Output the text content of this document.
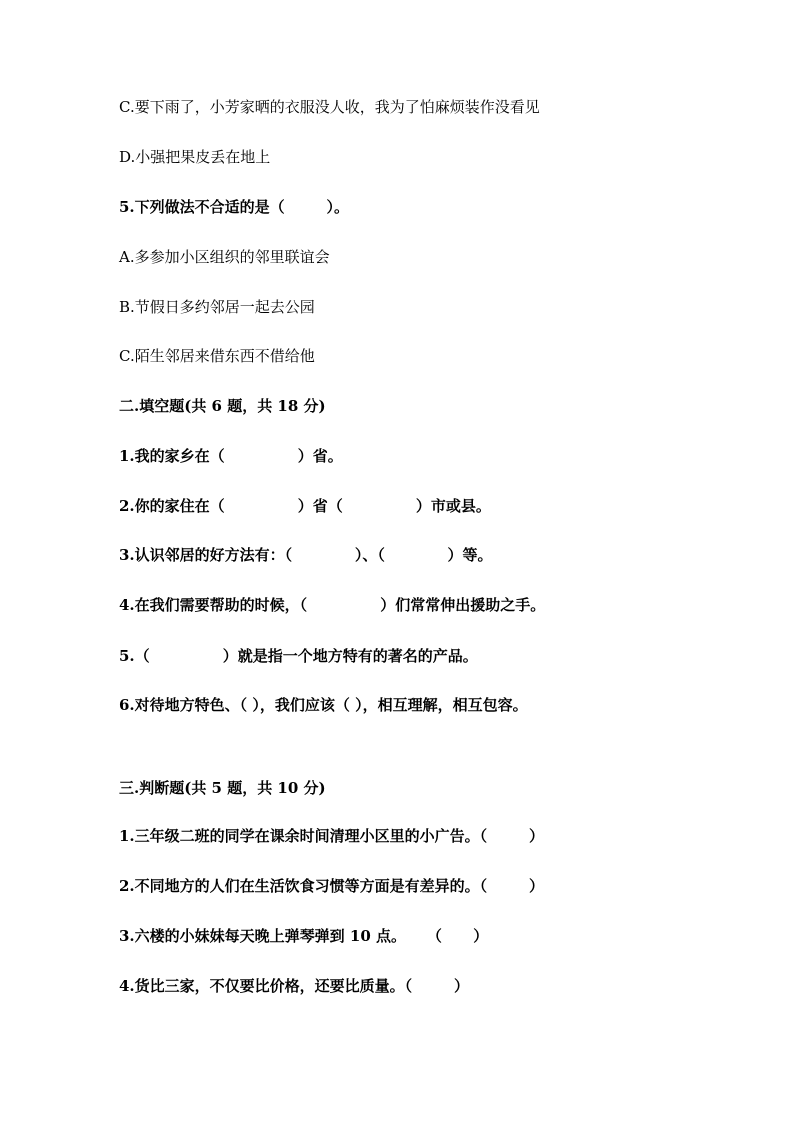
C.要下雨了，小芳家晒的衣服没人收，我为了怕麻烦装作没看见
D.小强把果皮丢在地上
5.下列做法不合适的是（        ）。
A.多参加小区组织的邻里联谊会
B.节假日多约邻居一起去公园
C.陌生邻居来借东西不借给他
二.填空题(共 6 题，共 18 分)
1.我的家乡在（              ）省。
2.你的家住在（              ）省（              ）市或县。
3.认识邻居的好方法有：（            ）、（            ）等。
4.在我们需要帮助的时候，（              ）们常常伸出援助之手。
5.（              ）就是指一个地方特有的著名的产品。
6.对待地方特色、（ ），我们应该（ ），相互理解，相互包容。
三.判断题(共 5 题，共 10 分)
1.三年级二班的同学在课余时间清理小区里的小广告。（        ）
2.不同地方的人们在生活饮食习惯等方面是有差异的。（        ）
3.六楼的小妹妹每天晚上弹琴弹到 10 点。    （      ）
4.货比三家，不仅要比价格，还要比质量。（        ）
